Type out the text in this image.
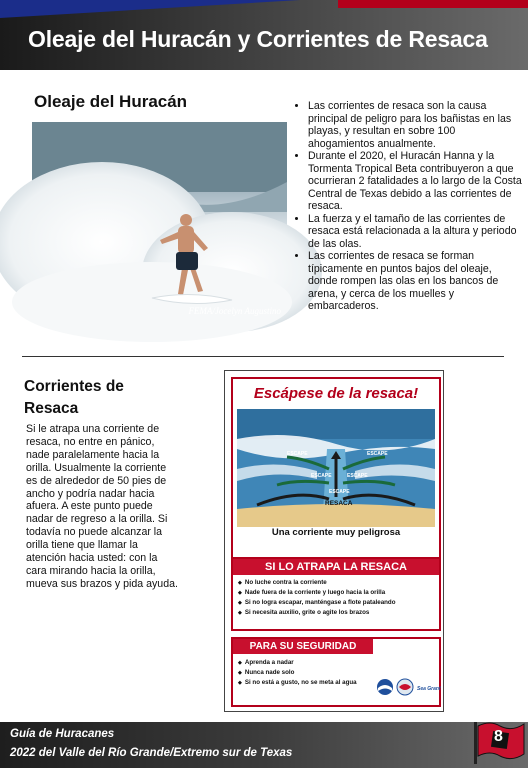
Oleaje del Huracán y Corrientes de Resaca
Oleaje del Huracán
FEMA/Jocelyn Augustino
• Las corrientes de resaca son la causa principal de peligro para los bañistas en las playas, y resultan en sobre 100 ahogamientos anualmente.
• Durante el 2020, el Huracán Hanna y la Tormenta Tropical Beta contribuyeron a que ocurrieran 2 fatalidades a lo largo de la Costa Central de Texas debido a las corrientes de resaca.
• La fuerza y el tamaño de las corrientes de resaca está relacionada a la altura y periodo de las olas.
• Las corrientes de resaca se forman típicamente en puntos bajos del oleaje, donde rompen las olas en los bancos de arena, y cerca de los muelles y embarcaderos.
Corrientes de Resaca
Si le atrapa una corriente de resaca, no entre en pánico, nade paralelamente hacia la orilla. Usualmente la corriente es de alrededor de 50 pies de ancho y podría nadar hacia afuera. A este punto puede nadar de regreso a la orilla. Si todavía no puede alcanzar la orilla tiene que llamar la atención hacia usted: con la cara mirando hacia la orilla, mueva sus brazos y pida ayuda.
Escápese de la resaca!
ESCAPE	ESCAPE
ESCAPE	ESCAPE
ESCAPE
RESACA
Una corriente muy peligrosa
SI LO ATRAPA LA RESACA
◆ No luche contra la corriente
◆ Nade fuera de la corriente y luego hacia la orilla
◆ Si no logra escapar, manténgase a flote pataleando
◆ Si necesita auxilio, grite o agite los brazos
PARA SU SEGURIDAD
◆ Aprenda a nadar
◆ Nunca nade solo
◆ Si no está a gusto, no se meta al agua
Sea Grant
Guía de Huracanes
2022 del Valle del Río Grande/Extremo sur de Texas
8
